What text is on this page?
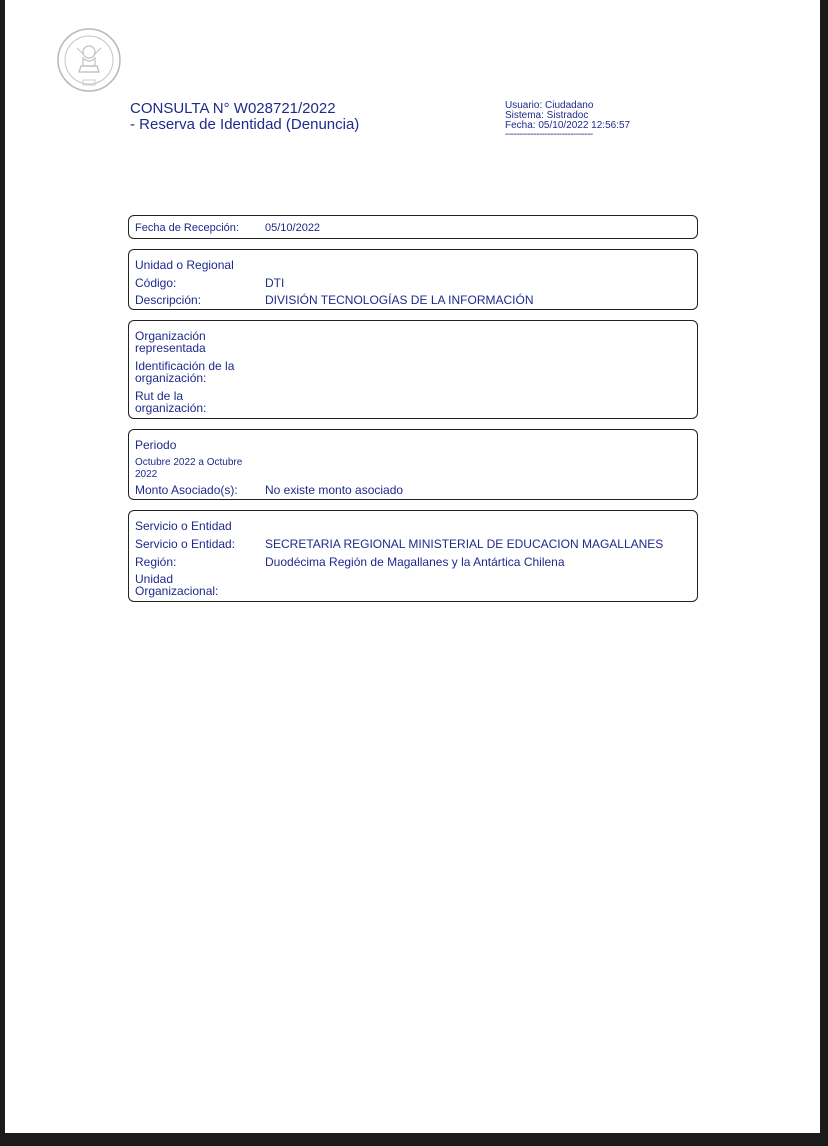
CONSULTA N° W028721/2022
- Reserva de Identidad (Denuncia)
Usuario: Ciudadano
Sistema: Sistradoc
Fecha: 05/10/2022 12:56:57
-------------------------------
Fecha de Recepción:	05/10/2022
Unidad o Regional
Código:	DTI
Descripción:	DIVISIÓN TECNOLOGÍAS DE LA INFORMACIÓN
Organización
representada
Identificación de la
organización:
Rut de la
organización:
Periodo
Octubre 2022 a Octubre
2022
Monto Asociado(s):	No existe monto asociado
Servicio o Entidad
Servicio o Entidad:	SECRETARIA REGIONAL MINISTERIAL DE EDUCACION MAGALLANES
Región:	Duodécima Región de Magallanes y la Antártica Chilena
Unidad
Organizacional:
